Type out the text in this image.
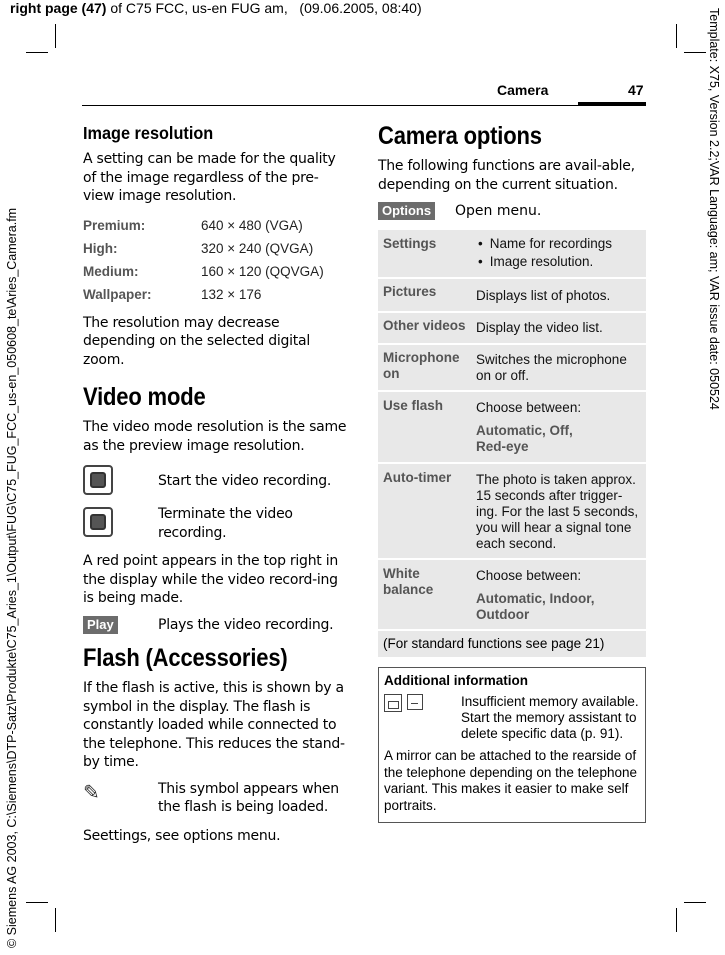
right page (47) of C75 FCC, us-en FUG am,   (09.06.2005, 08:40)
© Siemens AG 2003, C:\Siemens\DTP-Satz\Produkte\C75_Aries_1\Output\FUG\C75_FUG_FCC_us-en_050608_te\Aries_Camera.fm	Template: X75, Version 2.2;VAR Language: am; VAR issue date: 050524
Camera	47
Image resolution

A setting can be made for the quality of the image regardless of the pre-view image resolution.

Premium:	640 × 480 (VGA)
High:	320 × 240 (QVGA)
Medium:	160 × 120 (QQVGA)
Wallpaper:	132 × 176

The resolution may decrease depending on the selected digital zoom.

Video mode

The video mode resolution is the same as the preview image resolution.

Start the video recording.
Terminate the video recording.

A red point appears in the top right in the display while the video record-ing is being made.

Play	Plays the video recording.
Flash (Accessories)

If the flash is active, this is shown by a symbol in the display. The flash is constantly loaded while connected to the telephone. This reduces the stand-by time.

✎	This symbol appears when the flash is being loaded.

Seettings, see options menu.

Camera options

The following functions are avail-able, depending on the current situation.

Options	Open menu.
Settings
•	Name for recordings
• Image resolution.
Pictures	Displays list of photos.
Other videos Display the video list.
Microphone on
Switches the microphone on or off.
Use flash	Choose between:
Automatic, Off, Red-eye
Auto-timer	The photo is taken approx. 15 seconds after trigger-ing. For the last 5 seconds, you will hear a signal tone each second.
White balance
Choose between:
Automatic, Indoor, Outdoor
(For standard functions see page 21)
Additional information
Insufficient memory available. Start the memory assistant to delete specific data (p. 91).

A mirror can be attached to the rearside of the telephone depending on the telephone variant. This makes it easier to make self portraits.
